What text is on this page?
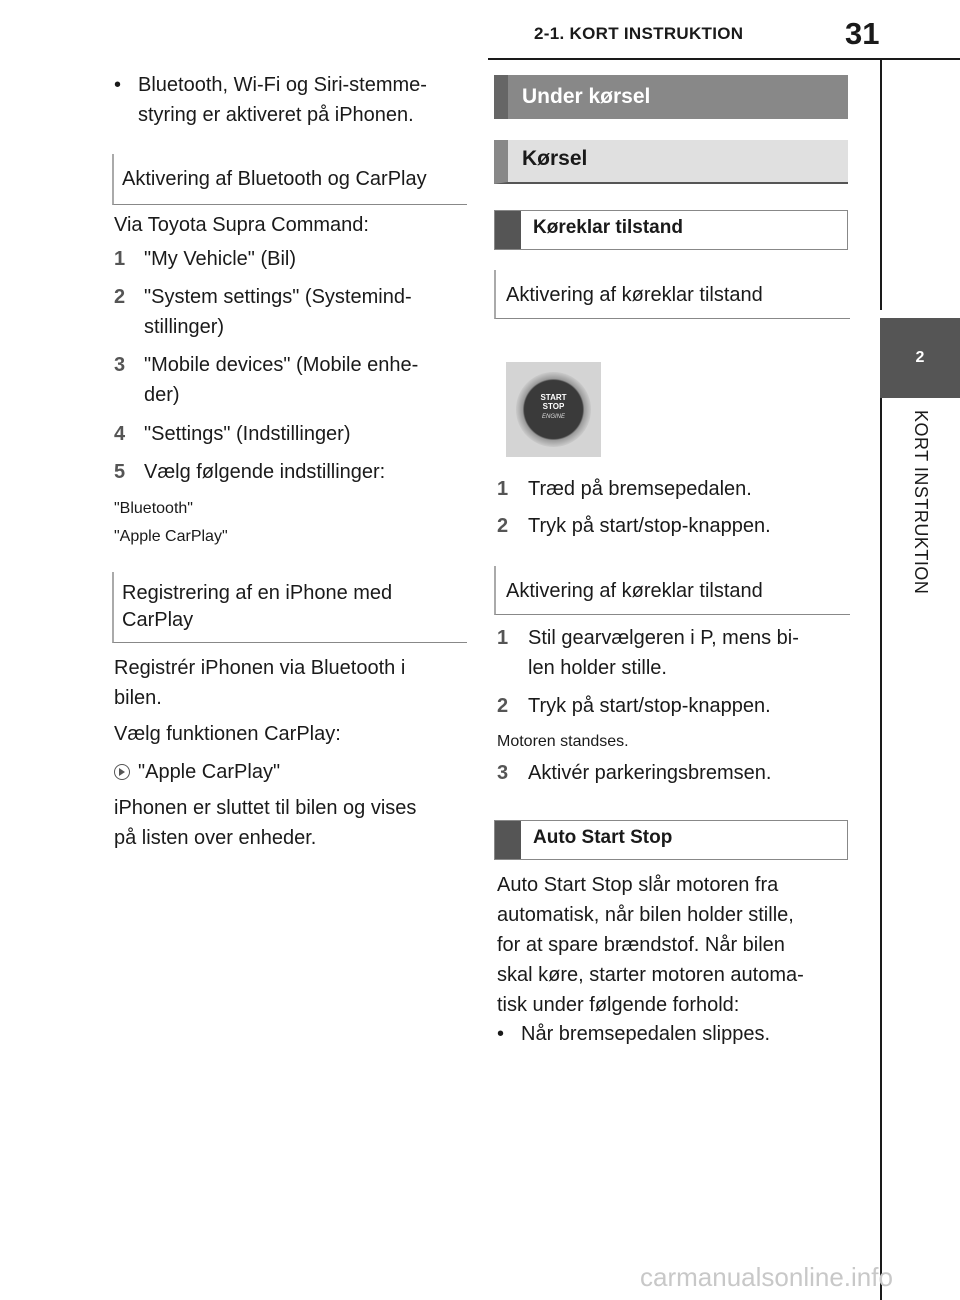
2-1. KORT INSTRUKTION	31
2
KORT INSTRUKTION
• Bluetooth, Wi-Fi og Siri-stemme-
styring er aktiveret på iPhonen.
Aktivering af Bluetooth og CarPlay
Via Toyota Supra Command:
1 "My Vehicle" (Bil)
2 "System settings" (Systemind-
stillinger)
3 "Mobile devices" (Mobile enhe-
der)
4 "Settings" (Indstillinger)
5 Vælg følgende indstillinger:
"Bluetooth"
"Apple CarPlay"
Registrering af en iPhone med
CarPlay
Registrér iPhonen via Bluetooth i
bilen.
Vælg funktionen CarPlay:
"Apple CarPlay"
iPhonen er sluttet til bilen og vises
på listen over enheder.
Under kørsel
Kørsel
Køreklar tilstand
Aktivering af køreklar tilstand
START
STOP
ENGINE
1 Træd på bremsepedalen.
2 Tryk på start/stop-knappen.
Aktivering af køreklar tilstand
1 Stil gearvælgeren i P, mens bi-
len holder stille.
2 Tryk på start/stop-knappen.
Motoren standses.
3 Aktivér parkeringsbremsen.
Auto Start Stop
Auto Start Stop slår motoren fra
automatisk, når bilen holder stille,
for at spare brændstof. Når bilen
skal køre, starter motoren automa-
tisk under følgende forhold:
• Når bremsepedalen slippes.
carmanualsonline.info
